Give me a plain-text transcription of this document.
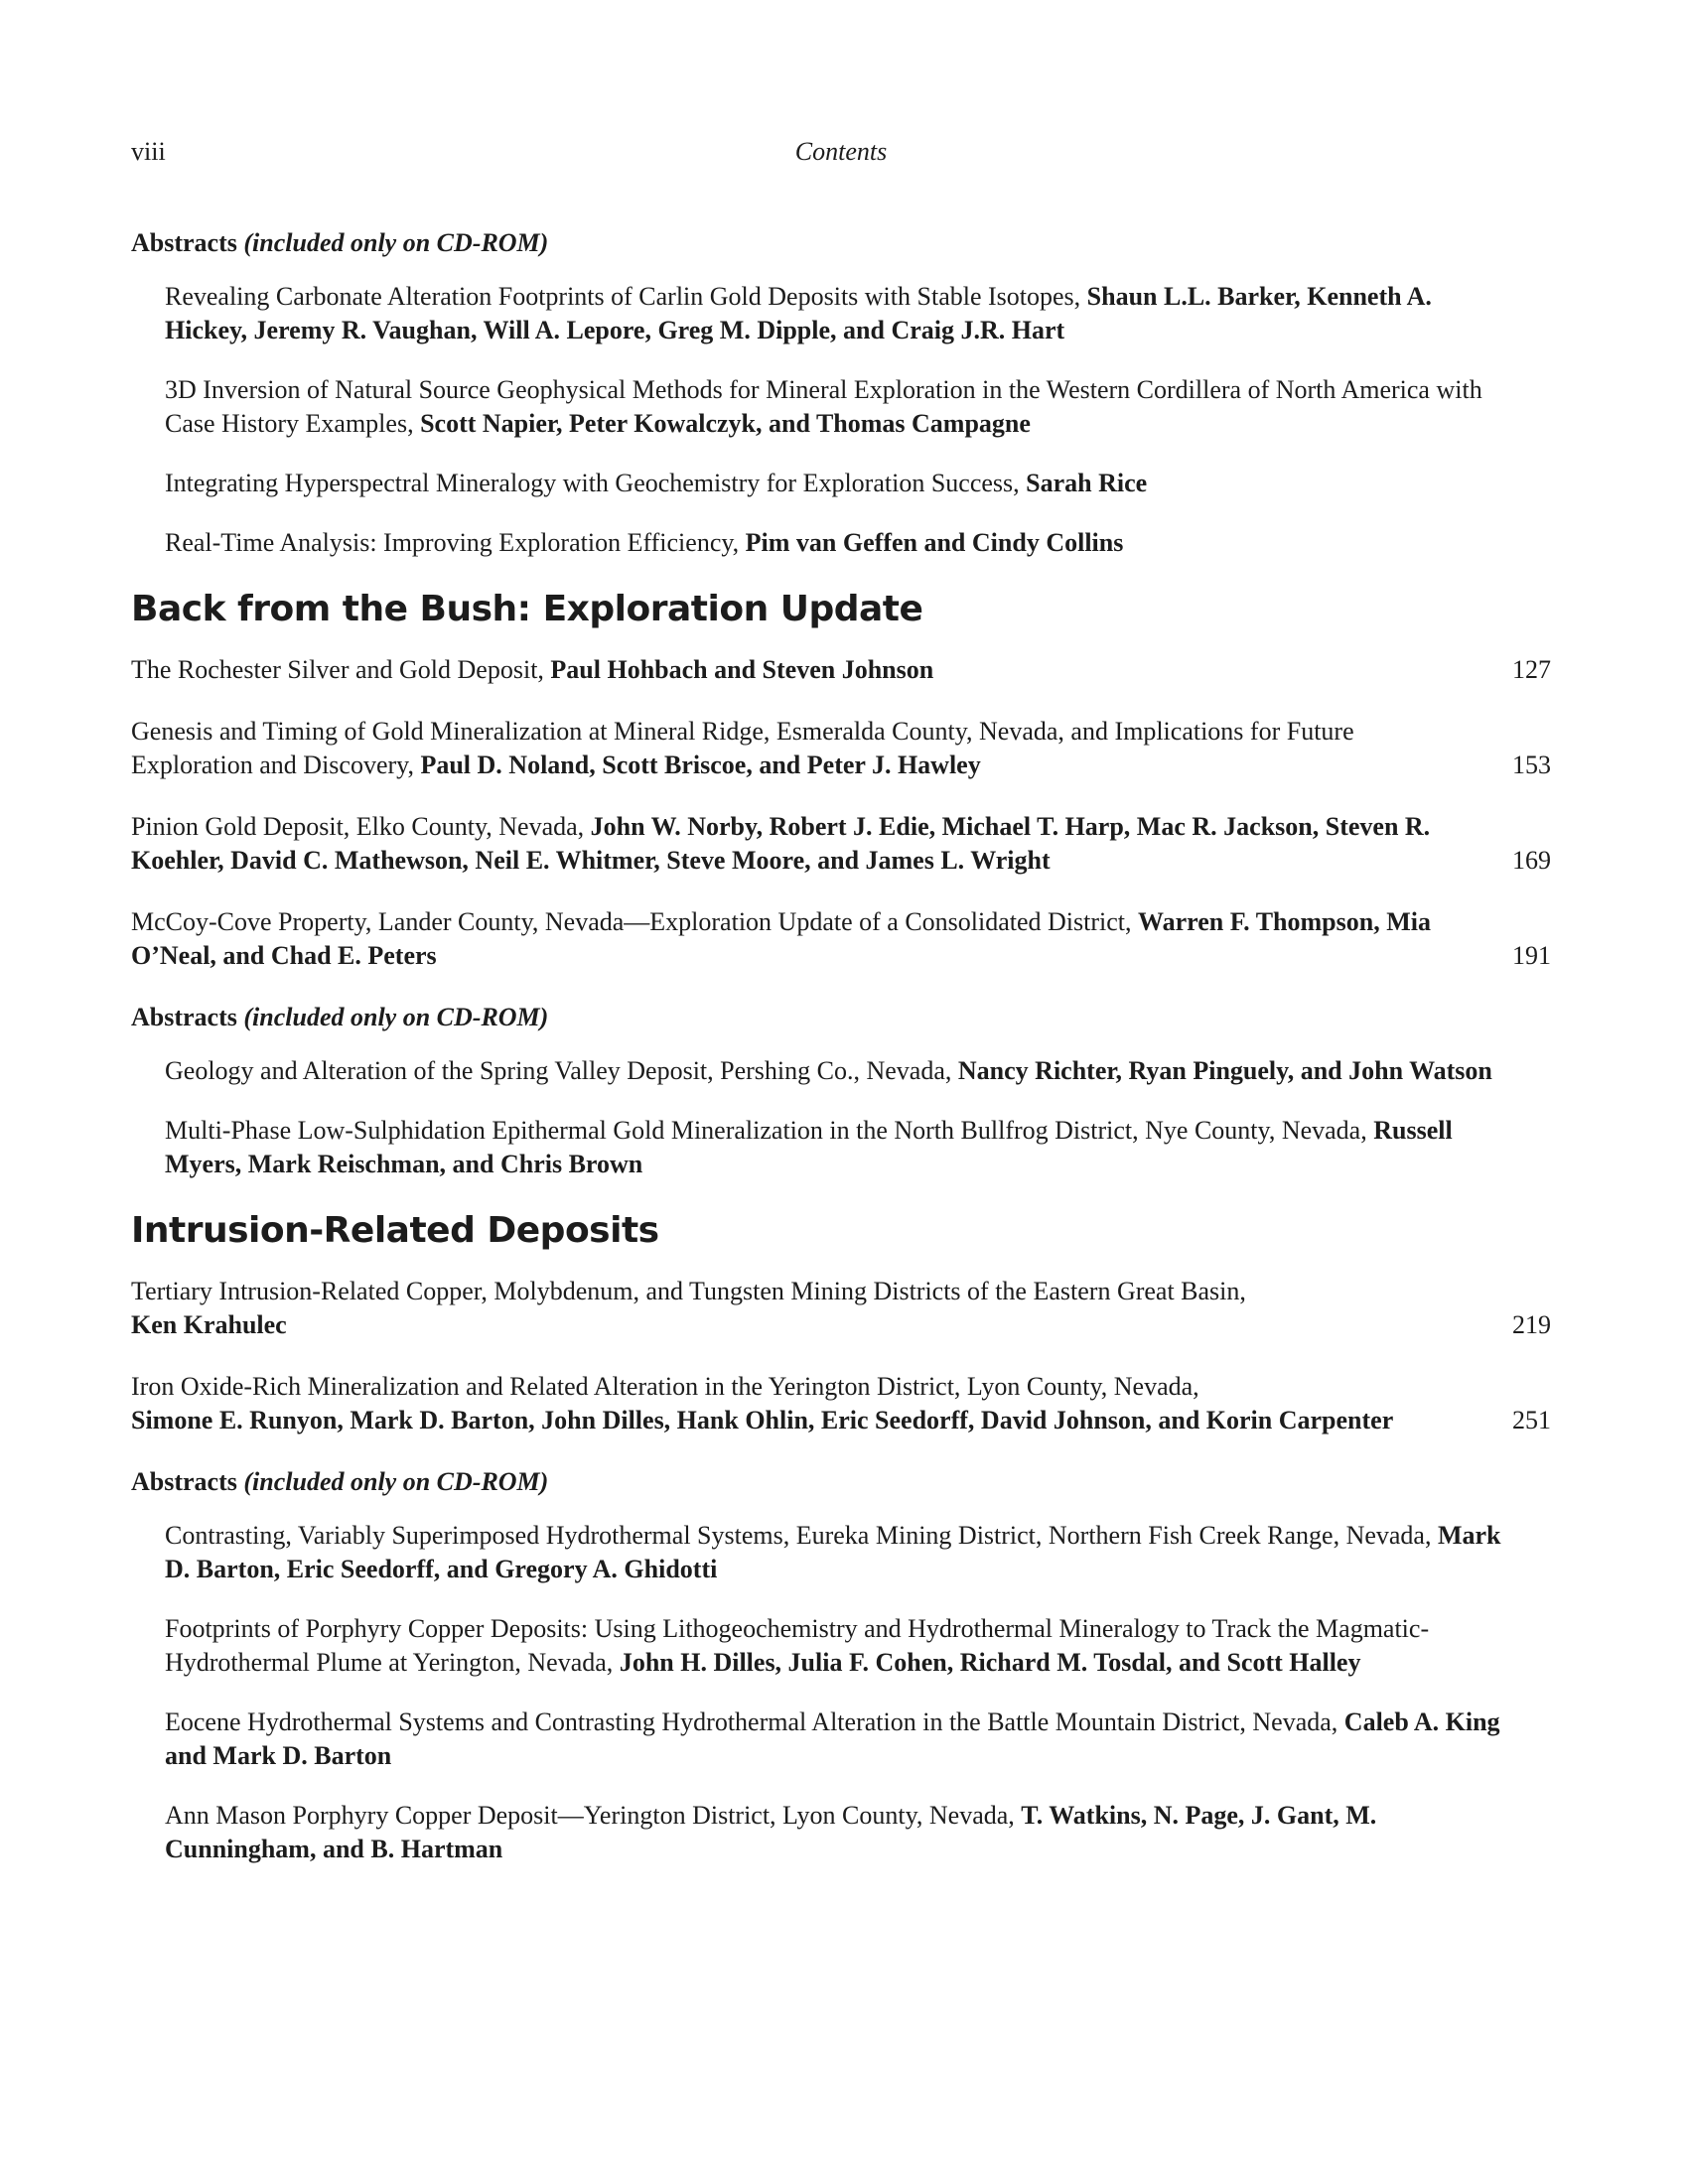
viii	Contents
Abstracts (included only on CD-ROM)
Revealing Carbonate Alteration Footprints of Carlin Gold Deposits with Stable Isotopes, Shaun L.L. Barker, Kenneth A. Hickey, Jeremy R. Vaughan, Will A. Lepore, Greg M. Dipple, and Craig J.R. Hart
3D Inversion of Natural Source Geophysical Methods for Mineral Exploration in the Western Cordillera of North America with Case History Examples, Scott Napier, Peter Kowalczyk, and Thomas Campagne
Integrating Hyperspectral Mineralogy with Geochemistry for Exploration Success, Sarah Rice
Real-Time Analysis: Improving Exploration Efficiency, Pim van Geffen and Cindy Collins
Back from the Bush: Exploration Update
The Rochester Silver and Gold Deposit, Paul Hohbach and Steven Johnson	127
Genesis and Timing of Gold Mineralization at Mineral Ridge, Esmeralda County, Nevada, and Implications for Future Exploration and Discovery, Paul D. Noland, Scott Briscoe, and Peter J. Hawley	153
Pinion Gold Deposit, Elko County, Nevada, John W. Norby, Robert J. Edie, Michael T. Harp, Mac R. Jackson, Steven R. Koehler, David C. Mathewson, Neil E. Whitmer, Steve Moore, and James L. Wright	169
McCoy-Cove Property, Lander County, Nevada—Exploration Update of a Consolidated District, Warren F. Thompson, Mia O’Neal, and Chad E. Peters	191
Abstracts (included only on CD-ROM)
Geology and Alteration of the Spring Valley Deposit, Pershing Co., Nevada, Nancy Richter, Ryan Pinguely, and John Watson
Multi-Phase Low-Sulphidation Epithermal Gold Mineralization in the North Bullfrog District, Nye County, Nevada, Russell Myers, Mark Reischman, and Chris Brown
Intrusion-Related Deposits
Tertiary Intrusion-Related Copper, Molybdenum, and Tungsten Mining Districts of the Eastern Great Basin,
Ken Krahulec	219
Iron Oxide-Rich Mineralization and Related Alteration in the Yerington District, Lyon County, Nevada,
Simone E. Runyon, Mark D. Barton, John Dilles, Hank Ohlin, Eric Seedorff, David Johnson, and Korin Carpenter	251
Abstracts (included only on CD-ROM)
Contrasting, Variably Superimposed Hydrothermal Systems, Eureka Mining District, Northern Fish Creek Range, Nevada, Mark D. Barton, Eric Seedorff, and Gregory A. Ghidotti
Footprints of Porphyry Copper Deposits: Using Lithogeochemistry and Hydrothermal Mineralogy to Track the Magmatic-Hydrothermal Plume at Yerington, Nevada, John H. Dilles, Julia F. Cohen, Richard M. Tosdal, and Scott Halley
Eocene Hydrothermal Systems and Contrasting Hydrothermal Alteration in the Battle Mountain District, Nevada, Caleb A. King and Mark D. Barton
Ann Mason Porphyry Copper Deposit—Yerington District, Lyon County, Nevada, T. Watkins, N. Page, J. Gant, M. Cunningham, and B. Hartman
